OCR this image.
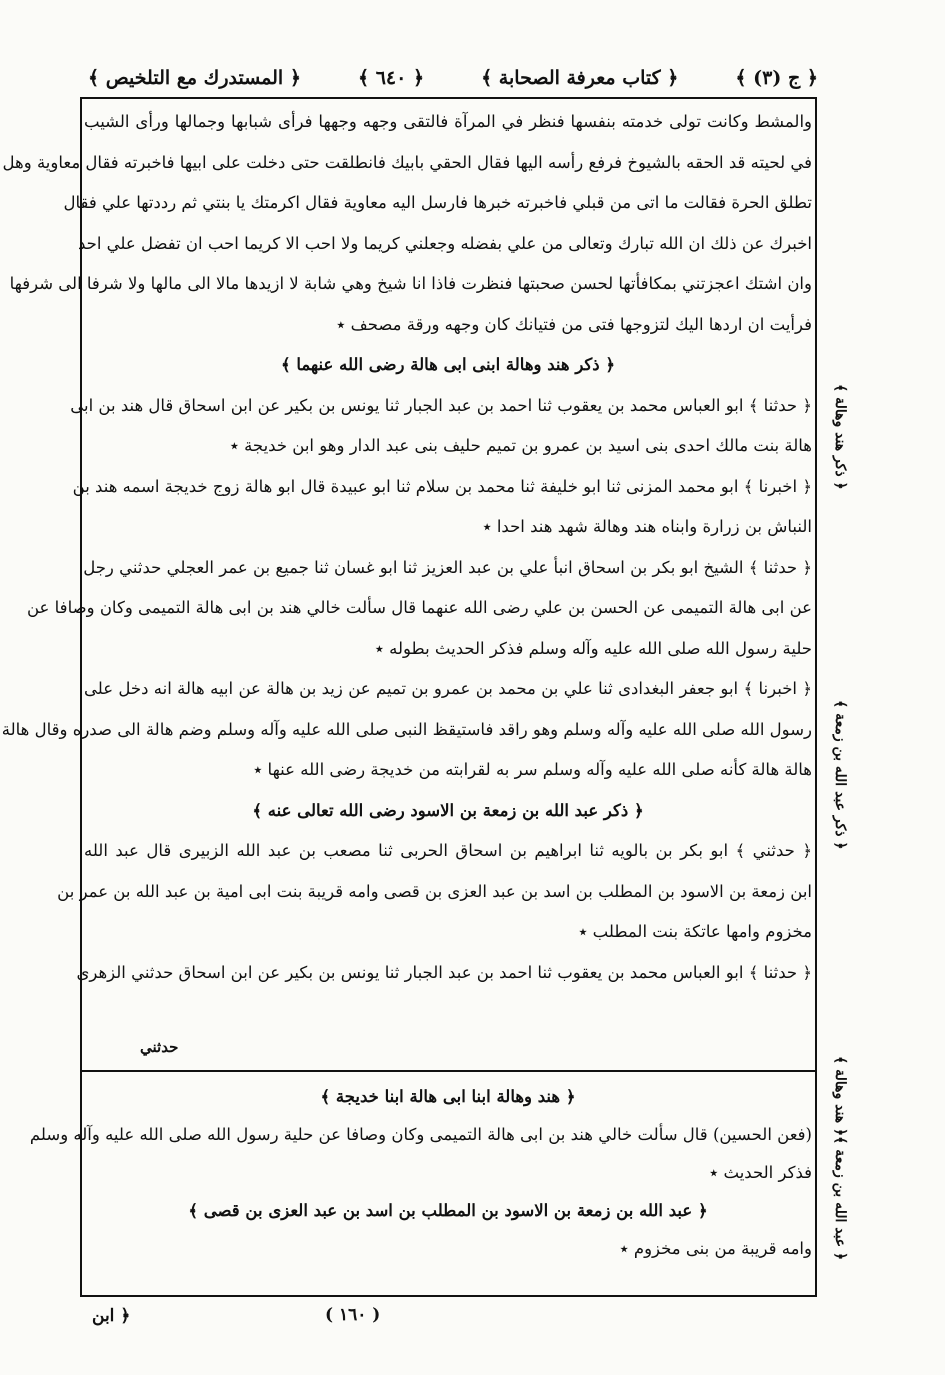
﴿ المستدرك مع التلخيص ﴾	﴿ ٦٤٠ ﴾	﴿ كتاب معرفة الصحابة ﴾	﴿ ج (٣) ﴾
والمشط وكانت تولى خدمته بنفسها فنظر في المرآة فالتقى وجهه وجهها فرأى شبابها وجمالها ورأى الشيب
في لحيته قد الحقه بالشيوخ فرفع رأسه اليها فقال الحقي بابيك فانطلقت حتى دخلت على ابيها فاخبرته فقال معاوية وهل
تطلق الحرة فقالت ما اتى من قبلي فاخبرته خبرها فارسل اليه معاوية فقال اكرمتك يا بنتي ثم رددتها علي فقال
اخبرك عن ذلك ان الله تبارك وتعالى من علي بفضله وجعلني كريما ولا احب الا كريما احب ان تفضل علي احد
وان اشتك اعجزتني بمكافأتها لحسن صحبتها فنظرت فاذا انا شيخ وهي شابة لا ازيدها مالا الى مالها ولا شرفا الى شرفها
فرأيت ان اردها اليك لتزوجها فتى من فتيانك كان وجهه ورقة مصحف ٭
﴿ ذكر هند وهالة ابنى ابى هالة رضى الله عنهما ﴾
﴿ حدثنا ﴾ ابو العباس محمد بن يعقوب ثنا احمد بن عبد الجبار ثنا يونس بن بكير عن ابن اسحاق قال هند بن ابى
هالة بنت مالك احدى بنى اسيد بن عمرو بن تميم حليف بنى عبد الدار وهو ابن خديجة ٭
﴿ اخبرنا ﴾ ابو محمد المزنى ثنا ابو خليفة ثنا محمد بن سلام ثنا ابو عبيدة قال ابو هالة زوج خديجة اسمه هند بن
النباش بن زرارة وابناه هند وهالة شهد هند احدا ٭
﴿ حدثنا ﴾ الشيخ ابو بكر بن اسحاق انبأ علي بن عبد العزيز ثنا ابو غسان ثنا جميع بن عمر العجلي حدثني رجل
عن ابى هالة التميمى عن الحسن بن علي رضى الله عنهما قال سألت خالي هند بن ابى هالة التميمى وكان وصافا عن
حلية رسول الله صلى الله عليه وآله وسلم فذكر الحديث بطوله ٭
﴿ اخبرنا ﴾ ابو جعفر البغدادى ثنا علي بن محمد بن عمرو بن تميم عن زيد بن هالة عن ابيه هالة انه دخل على
رسول الله صلى الله عليه وآله وسلم وهو راقد فاستيقظ النبى صلى الله عليه وآله وسلم وضم هالة الى صدره وقال هالة
هالة هالة كأنه صلى الله عليه وآله وسلم سر به لقرابته من خديجة رضى الله عنها ٭
﴿ ذكر عبد الله بن زمعة بن الاسود رضى الله تعالى عنه ﴾
﴿ حدثني ﴾ ابو بكر بن بالويه ثنا ابراهيم بن اسحاق الحربى ثنا مصعب بن عبد الله الزبيرى قال عبد الله
ابن زمعة بن الاسود بن المطلب بن اسد بن عبد العزى بن قصى وامه قريبة بنت ابى امية بن عبد الله بن عمر بن
مخزوم وامها عاتكة بنت المطلب ٭
﴿ حدثنا ﴾ ابو العباس محمد بن يعقوب ثنا احمد بن عبد الجبار ثنا يونس بن بكير عن ابن اسحاق حدثني الزهرى
حدثني
﴿ هند وهالة ابنا ابى هالة ابنا خديجة ﴾
(فعن الحسين) قال سألت خالي هند بن ابى هالة التميمى وكان وصافا عن حلية رسول الله صلى الله عليه وآله وسلم
فذكر الحديث ٭
﴿ عبد الله بن زمعة بن الاسود بن المطلب بن اسد بن عبد العزى بن قصى ﴾
وامه قريبة من بنى مخزوم ٭
﴿ ذكر هند وهالة ﴾
﴿ ذكر عبد الله بن زمعة ﴾
﴿ عبد الله بن زمعة ﴾﴿ هند وهالة ﴾
( ١٦٠ )
﴿ ابن
